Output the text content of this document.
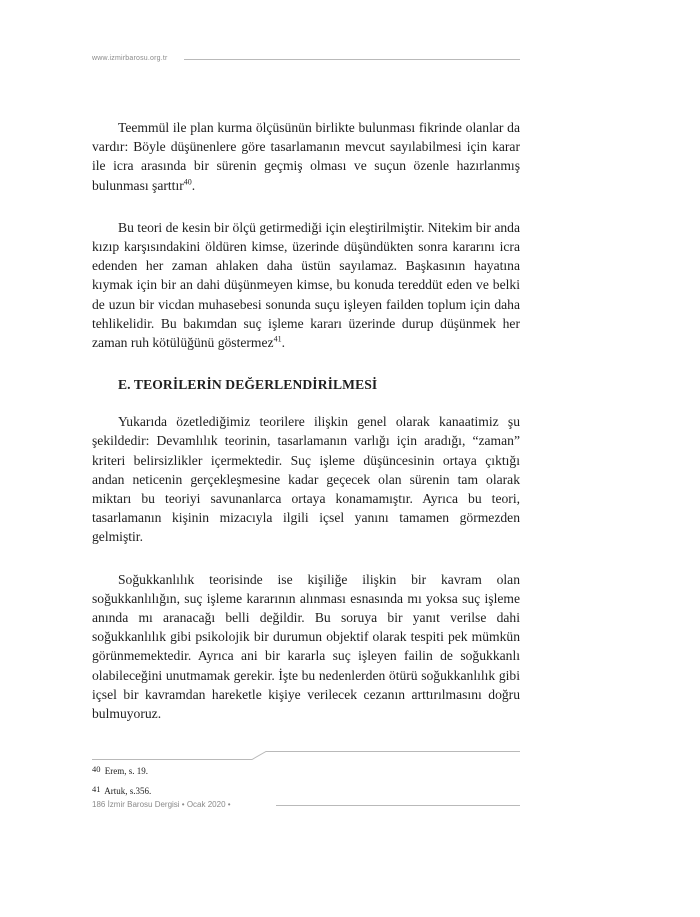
www.izmirbarosu.org.tr

Teemmül ile plan kurma ölçüsünün birlikte bulunması fikrinde olanlar da vardır: Böyle düşünenlere göre tasarlamanın mevcut sayılabilmesi için karar ile icra arasında bir sürenin geçmiş olması ve suçun özenle hazırlanmış bulunması şarttır$^{40}$.

Bu teori de kesin bir ölçü getirmediği için eleştirilmiştir. Nitekim bir anda kızıp karşısındakini öldüren kimse, üzerinde düşündükten sonra kararını icra edenden her zaman ahlaken daha üstün sayılamaz. Başkasının hayatına kıymak için bir an dahi düşünmeyen kimse, bu konuda tereddüt eden ve belki de uzun bir vicdan muhasebesi sonunda suçu işleyen failden toplum için daha tehlikelidir. Bu bakımdan suç işleme kararı üzerinde durup düşünmek her zaman ruh kötülüğünü göstermez$^{41}$.

E. TEORİLERİN DEĞERLENDİRİLMESİ

Yukarıda özetlediğimiz teorilere ilişkin genel olarak kanaatimiz şu şekildedir: Devamlılık teorinin, tasarlamanın varlığı için aradığı, “zaman” kriteri belirsizlikler içermektedir. Suç işleme düşüncesinin ortaya çıktığı andan neticenin gerçekleşmesine kadar geçecek olan sürenin tam olarak miktarı bu teoriyi savunanlarca ortaya konamamıştır. Ayrıca bu teori, tasarlamanın kişinin mizacıyla ilgili içsel yanını tamamen görmezden gelmiştir.

Soğukkanlılık teorisinde ise kişiliğe ilişkin bir kavram olan soğukkanlılığın, suç işleme kararının alınması esnasında mı yoksa suç işleme anında mı aranacağı belli değildir. Bu soruya bir yanıt verilse dahi soğukkanlılık gibi psikolojik bir durumun objektif olarak tespiti pek mümkün görünmemektedir. Ayrıca ani bir kararla suç işleyen failin de soğukkanlı olabileceğini unutmamak gerekir. İşte bu nedenlerden ötürü soğukkanlılık gibi içsel bir kavramdan hareketle kişiye verilecek cezanın arttırılmasını doğru bulmuyoruz.

40 Erem, s. 19.
41 Artuk, s.356.
186 İzmir Barosu Dergisi • Ocak 2020 •
